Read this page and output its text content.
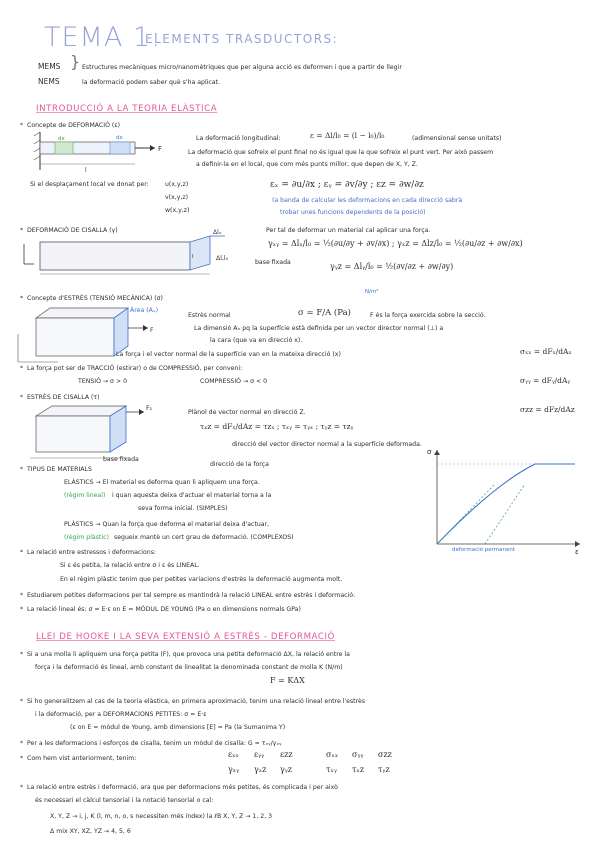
TEMA 1:
ELEMENTS TRASDUCTORS:
MEMS
NEMS
} Estructures mecàniques micro/nanomètriques que per alguna acció es deformen i que a partir de llegir
la deformació podem saber què s'ha aplicat.
INTRODUCCIÓ A LA TEORIA ELÀSTICA
Concepte de DEFORMACIÓ (ε)
dx	dx
l
F
La deformació longitudinal:	ε = Δl/l₀ = (l − l₀)/l₀	(adimensional sense unitats)
La deformació que sofreix el punt final no és igual que la que sofreix el punt vert. Per això passem
a definir-la en el local, que com més punts millor, que depen de X, Y, Z.
Si el desplaçament local ve donat per:	u(x,y,z)
v(x,y,z)
w(x,y,z)
εₓ = ∂u/∂x ; εᵧ = ∂v/∂y ; εz = ∂w/∂z
(a banda de calcular les deformacions en cada direcció sabrà
trobar unes funcions dependents de la posició)
DEFORMACIÓ DE CISALLA (γ)	Δlₓ
l	Δl,l₀
base fixada
Per tal de deformar un material cal aplicar una força.
γₓᵧ = Δlₓ/l₀ = ½(∂u/∂y + ∂v/∂x) ; γₓz = Δlz/l₀ = ½(∂u/∂z + ∂w/∂x)
γᵧz = Δlᵧ/l₀ = ½(∂v/∂z + ∂w/∂y)
Concepte d'ESTRÈS (TENSIÓ MECÀNICA) (σ)
N/m²
F
Àrea (Aₓ)
Estrès normal	σ = F/A (Pa)	F és la força exercida sobre la secció.
La dimensió Aₓ pq la superfície està definida per un vector director normal (⊥) a
la cara (que va en direcció x).
La força i el vector normal de la superfície van en la mateixa direcció (x)	σₓₓ = dFₓ/dAₓ
σᵧᵧ = dFᵧ/dAᵧ
σzz = dFz/dAz
La força pot ser de TRACCIÓ (estirar) o de COMPRESSIÓ, per conveni:
TENSIÓ → σ > 0	COMPRESSIÓ → σ < 0
ESTRÈS DE CISALLA (τ)
F₂
base fixada
Plànol de vector normal en direcció Z.
τₓz = dFₓ/dAz = τzₓ ; τₓᵧ = τᵧₓ ; τᵧz = τzᵧ
direcció del vector director normal a la superfície deformada.
direcció de la força
TIPUS DE MATERIALS
ELÀSTICS → El material es deforma quan li apliquem una força.
(règim lineal) i quan aquesta deixa d'actuar el material torna a la
seva forma inicial. (SIMPLES)
PLÀSTICS → Quan la força que deforma el material deixa d'actuar,
(règim plàstic) segueix mantè un cert grau de deformació. (COMPLEXOS)
σ
ε
deformació permanent
La relació entre estressos i deformacions:
Si ε és petita, la relació entre σ i ε és LINEAL.
En el règim plàstic tenim que per petites variacions d'estrès la deformació augmenta molt.
Estudiarem petites deformacions per tal sempre es mantindrà la relació LINEAL entre estrès i deformació:
La relació lineal és: σ = E·ε on E = MÒDUL DE YOUNG (Pa o en dimensions normals GPa)
LLEI DE HOOKE I LA SEVA EXTENSIÓ A ESTRÈS - DEFORMACIÓ
Si a una molla li apliquem una força petita (F), que provoca una petita deformació ΔX, la relació entre la
força i la deformació és lineal, amb constant de linealitat la denominada constant de molla K (N/m)
F = KΔX
Si ho generalitzem al cas de la teoria elàstica, en primera aproximació, tenim una relació lineal entre l'estrès
i la deformació, per a DEFORMACIONS PETITES: σ = E·ε
(ε on E = mòdul de Young, amb dimensions [E] = Pa (la Sumanima Y)
Per a les deformacions i esforços de cisalla, tenim un mòdul de cisalla: G = τₓᵧ/γₓᵧ
Com hem vist anteriorment, tenim:	εₓₓ εᵧᵧ εzz	σₓₓ σᵧᵧ σzz
γₓᵧ γₓz γᵧz	τₓᵧ τₓz τᵧz
La relació entre estrès i deformació, ara que per deformacions més petites, és complicada i per això
és necessari el càlcul tensorial i la notació tensorial o cal:
X, Y, Z → i, j, K (l, m, n, o, s necessiten més índex) la ℓB X, Y, Z → 1, 2, 3
Δ mix XY, XZ, YZ → 4, 5, 6
*
*
*
*
*
*
*
*
*
*
*
*
*
*
